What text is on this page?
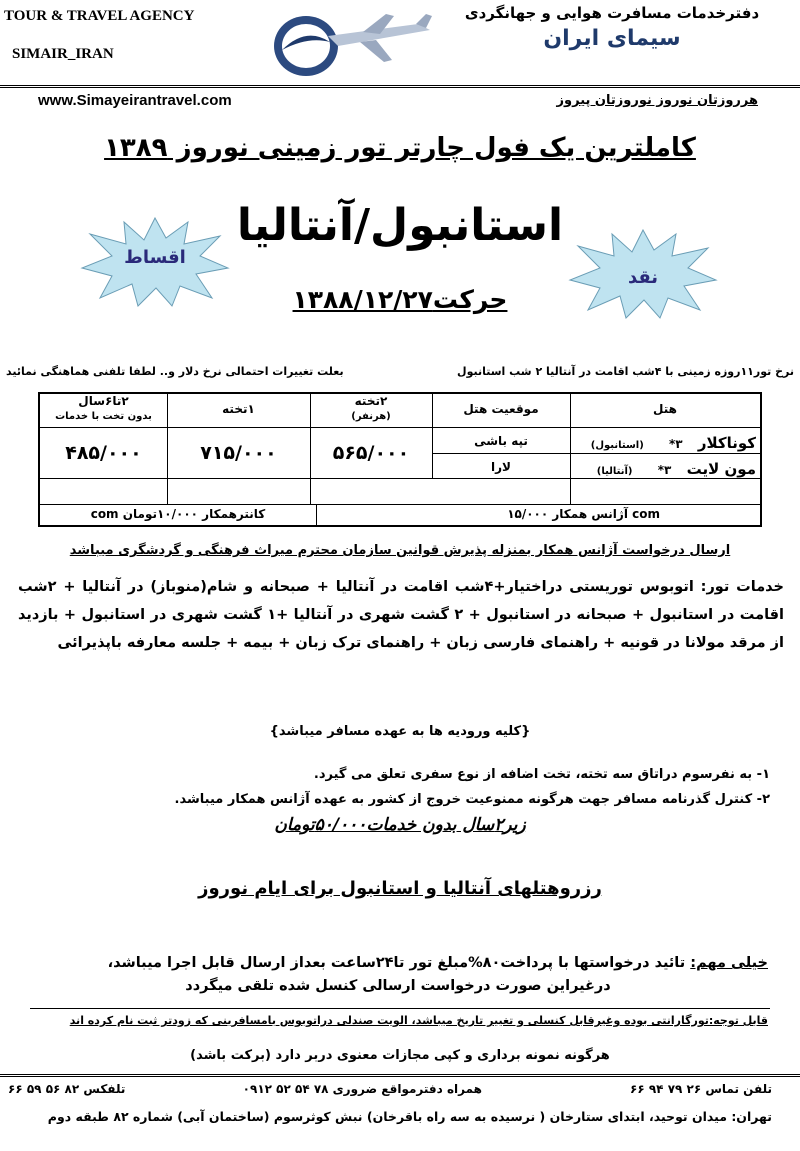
TOUR & TRAVEL AGENCY
SIMAIR_IRAN
دفترخدمات مسافرت هوایی و جهانگردی
سیمای ایران
www.Simayeirantravel.com	هرروزتان نوروز نوروزتان پیروز
کاملترین یک فول چارتر تور زمینی نوروز ۱۳۸۹
اقساط
استانبول/آنتالیا
نقد
حرکت۱۳۸۸/۱۲/۲۷
نرخ تور۱۱روزه زمینی با ۴شب اقامت در آنتالیا ۲ شب استانبول
بعلت تغییرات احتمالی نرخ دلار و.. لطفا تلفنی هماهنگی نمائید
هتل
موقعیت هتل
۲تخته
(هرنفر)
۱تخته
۲تا۶سال
بدون تخت با خدمات
کوناکلار ۳* (استانبول)
مون لایت ۳* (آنتالیا)
تپه باشی
لارا
۵۶۵/۰۰۰
۷۱۵/۰۰۰
۴۸۵/۰۰۰
com آژانس همکار ۱۵/۰۰۰
کانترهمکار ۱۰/۰۰۰تومان com
ارسال درخواست آژانس همکار بمنزله پذیرش قوانین سازمان محترم میراث فرهنگی و گردشگری میباشد
خدمات تور: اتوبوس توریستی دراختیار+۴شب اقامت در آنتالیا + صبحانه و شام(منوباز) در آنتالیا + ۲شب اقامت در استانبول + صبحانه در استانبول + ۲ گشت شهری در آنتالیا +۱ گشت شهری در استانبول + بازدید از مرقد مولانا در قونیه + راهنمای فارسی زبان + راهنمای ترک زبان + بیمه + جلسه معارفه باپذیرائی
{کلیه ورودیه ها به عهده مسافر میباشد}
۱- به نفرسوم دراتاق سه تخته، تخت اضافه از نوع سفری تعلق می گیرد.
۲- کنترل گذرنامه مسافر جهت هرگونه ممنوعیت خروج از کشور به عهده آژانس همکار میباشد.
زیر۲سال بدون خدمات۵۰/۰۰۰تومان
رزروهتلهای آنتالیا و استانبول برای ایام نوروز
خیلی مهم: تائید درخواستها با پرداخت۸۰%مبلغ تور تا۲۴ساعت بعداز ارسال قابل اجرا میباشد،
درغیراین صورت درخواست ارسالی کنسل شده تلقی میگردد
قابل توجه:تورگارانتی بوده وغیرقابل کنسلی و تغییر تاریخ میباشد، الویت صندلی دراتوبوس بامسافرینی که زودتر ثبت نام کرده اند
هرگونه نمونه برداری و کپی مجازات معنوی دربر دارد (برکت باشد)
تلفن تماس ۲۶ ۷۹ ۹۴ ۶۶
همراه دفترمواقع ضروری ۷۸ ۵۴ ۵۲ ۰۹۱۲
تلفکس ۸۲ ۵۶ ۵۹ ۶۶
تهران: میدان توحید، ابتدای ستارخان ( نرسیده به سه راه باقرخان) نبش کوثرسوم (ساختمان آبی) شماره ۸۲ طبقه دوم
